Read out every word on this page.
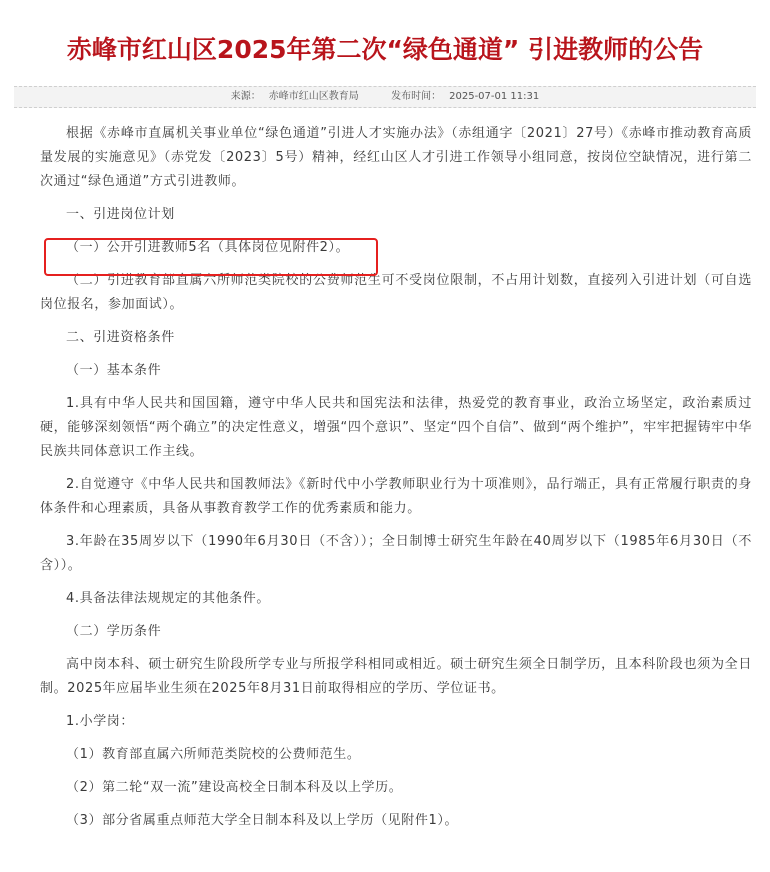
赤峰市红山区2025年第二次“绿色通道” 引进教师的公告
来源： 赤峰市红山区教育局	发布时间： 2025-07-01 11:31

根据《赤峰市直属机关事业单位“绿色通道”引进人才实施办法》（赤组通字〔2021〕27号）《赤峰市推动教育高质量发展的实施意见》（赤党发〔2023〕5号）精神，经红山区人才引进工作领导小组同意，按岗位空缺情况，进行第二次通过“绿色通道”方式引进教师。

一、引进岗位计划

（一）公开引进教师5名（具体岗位见附件2）。

（二）引进教育部直属六所师范类院校的公费师范生可不受岗位限制，不占用计划数，直接列入引进计划（可自选岗位报名，参加面试）。

二、引进资格条件

（一）基本条件

1.具有中华人民共和国国籍，遵守中华人民共和国宪法和法律，热爱党的教育事业，政治立场坚定，政治素质过硬，能够深刻领悟“两个确立”的决定性意义，增强“四个意识”、坚定“四个自信”、做到“两个维护”，牢牢把握铸牢中华民族共同体意识工作主线。

2.自觉遵守《中华人民共和国教师法》《新时代中小学教师职业行为十项准则》，品行端正，具有正常履行职责的身体条件和心理素质，具备从事教育教学工作的优秀素质和能力。

3.年龄在35周岁以下（1990年6月30日（不含））；全日制博士研究生年龄在40周岁以下（1985年6月30日（不含））。

4.具备法律法规规定的其他条件。

（二）学历条件

高中岗本科、硕士研究生阶段所学专业与所报学科相同或相近。硕士研究生须全日制学历，且本科阶段也须为全日制。2025年应届毕业生须在2025年8月31日前取得相应的学历、学位证书。

1.小学岗：

（1）教育部直属六所师范类院校的公费师范生。

（2）第二轮“双一流”建设高校全日制本科及以上学历。

（3）部分省属重点师范大学全日制本科及以上学历（见附件1）。
